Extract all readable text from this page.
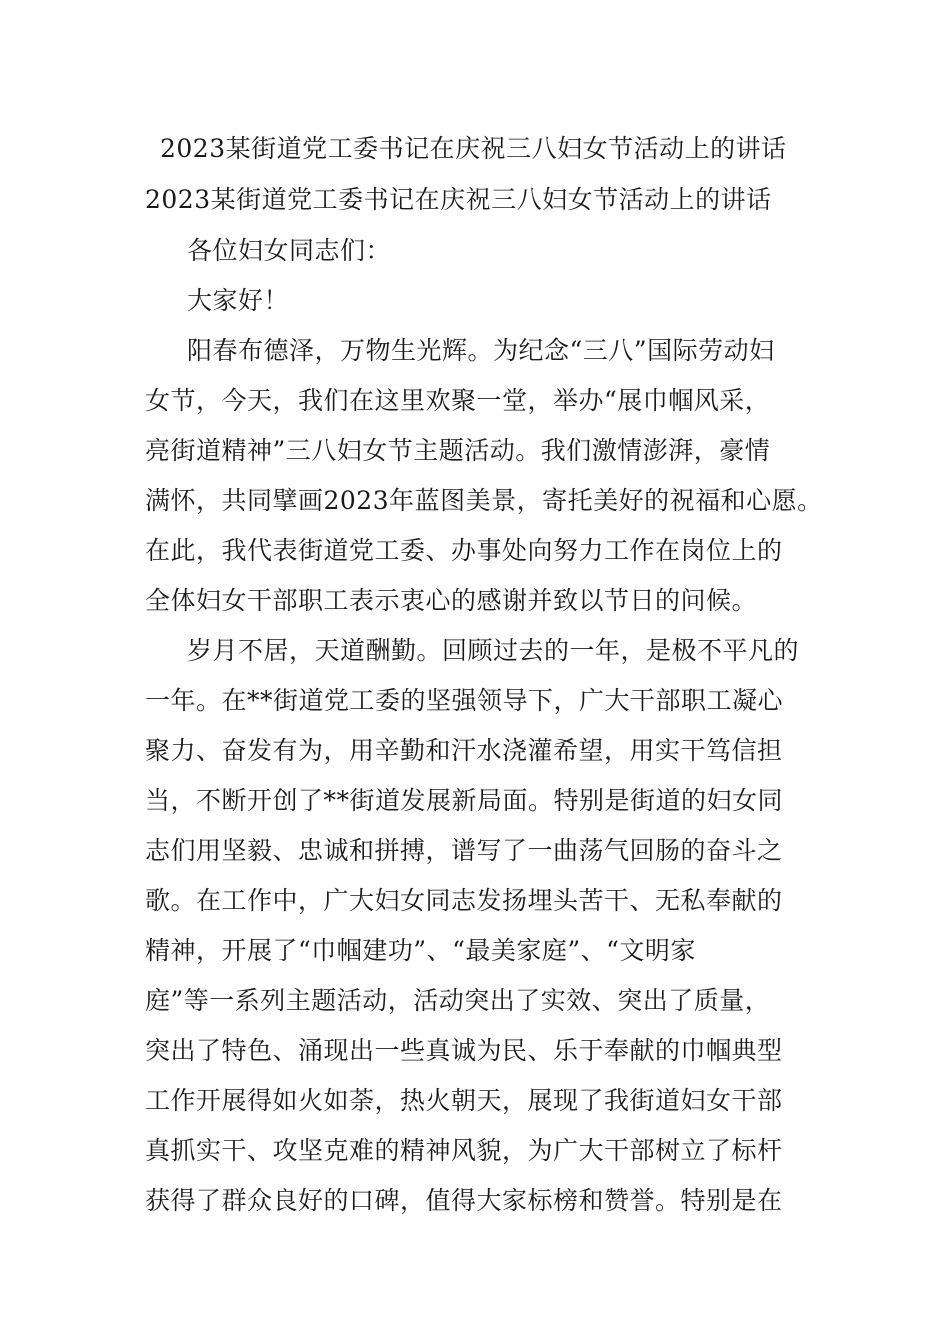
2023某街道党工委书记在庆祝三八妇女节活动上的讲话
2023某街道党工委书记在庆祝三八妇女节活动上的讲话
各位妇女同志们：
大家好！
阳春布德泽，万物生光辉。为纪念“三八”国际劳动妇
女节，今天，我们在这里欢聚一堂，举办“展巾帼风采，
亮街道精神”三八妇女节主题活动。我们激情澎湃，豪情
满怀，共同擘画2023年蓝图美景，寄托美好的祝福和心愿。
在此，我代表街道党工委、办事处向努力工作在岗位上的
全体妇女干部职工表示衷心的感谢并致以节日的问候。
岁月不居，天道酬勤。回顾过去的一年，是极不平凡的
一年。在**街道党工委的坚强领导下，广大干部职工凝心
聚力、奋发有为，用辛勤和汗水浇灌希望，用实干笃信担
当，不断开创了**街道发展新局面。特别是街道的妇女同
志们用坚毅、忠诚和拼搏，谱写了一曲荡气回肠的奋斗之
歌。在工作中，广大妇女同志发扬埋头苦干、无私奉献的
精神，开展了“巾帼建功”、“最美家庭”、“文明家
庭”等一系列主题活动，活动突出了实效、突出了质量，
突出了特色、涌现出一些真诚为民、乐于奉献的巾帼典型
工作开展得如火如荼，热火朝天，展现了我街道妇女干部
真抓实干、攻坚克难的精神风貌，为广大干部树立了标杆
获得了群众良好的口碑，值得大家标榜和赞誉。特别是在
